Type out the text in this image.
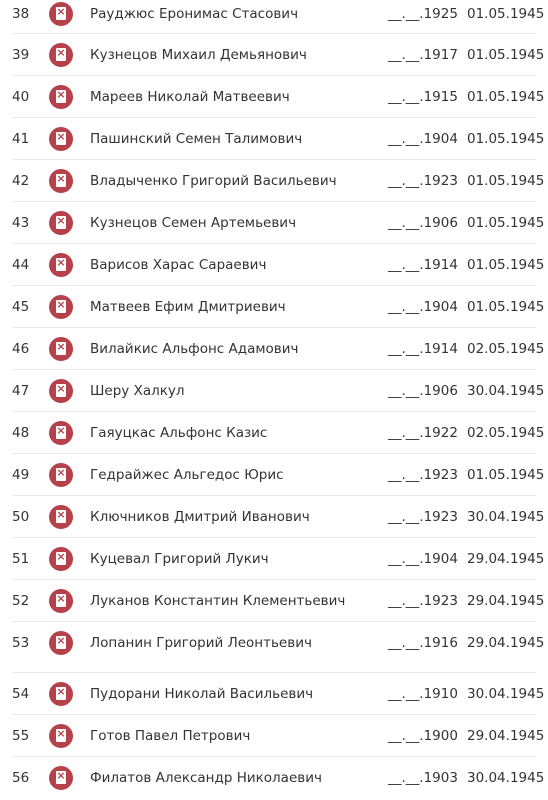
38 ×	Рауджюс Еронимас Стасович	__.__.1925 01.05.1945
39 ×	Кузнецов Михаил Демьянович	__.__.1917 01.05.1945
40 ×	Мареев Николай Матвеевич	__.__.1915 01.05.1945
41 ×	Пашинский Семен Талимович	__.__.1904 01.05.1945
42 ×	Владыченко Григорий Васильевич	__.__.1923 01.05.1945
43 ×	Кузнецов Семен Артемьевич	__.__.1906 01.05.1945
44 ×	Варисов Харас Сараевич	__.__.1914 01.05.1945
45 ×	Матвеев Ефим Дмитриевич	__.__.1904 01.05.1945
46 ×	Вилайкис Альфонс Адамович	__.__.1914 02.05.1945
47 ×	Шеру Халкул	__.__.1906 30.04.1945
48 ×	Гаяуцкас Альфонс Казис	__.__.1922 02.05.1945
49 ×	Гедрайжес Альгедос Юрис	__.__.1923 01.05.1945
50 ×	Ключников Дмитрий Иванович	__.__.1923 30.04.1945
51 ×	Куцевал Григорий Лукич	__.__.1904 29.04.1945
52 ×	Луканов Константин Клементьевич	__.__.1923 29.04.1945
53 ×	Лопанин Григорий Леонтьевич	__.__.1916 29.04.1945
54 ×	Пудорани Николай Васильевич	__.__.1910 30.04.1945
55 ×	Готов Павел Петрович	__.__.1900 29.04.1945
56 ×	Филатов Александр Николаевич	__.__.1903 30.04.1945
